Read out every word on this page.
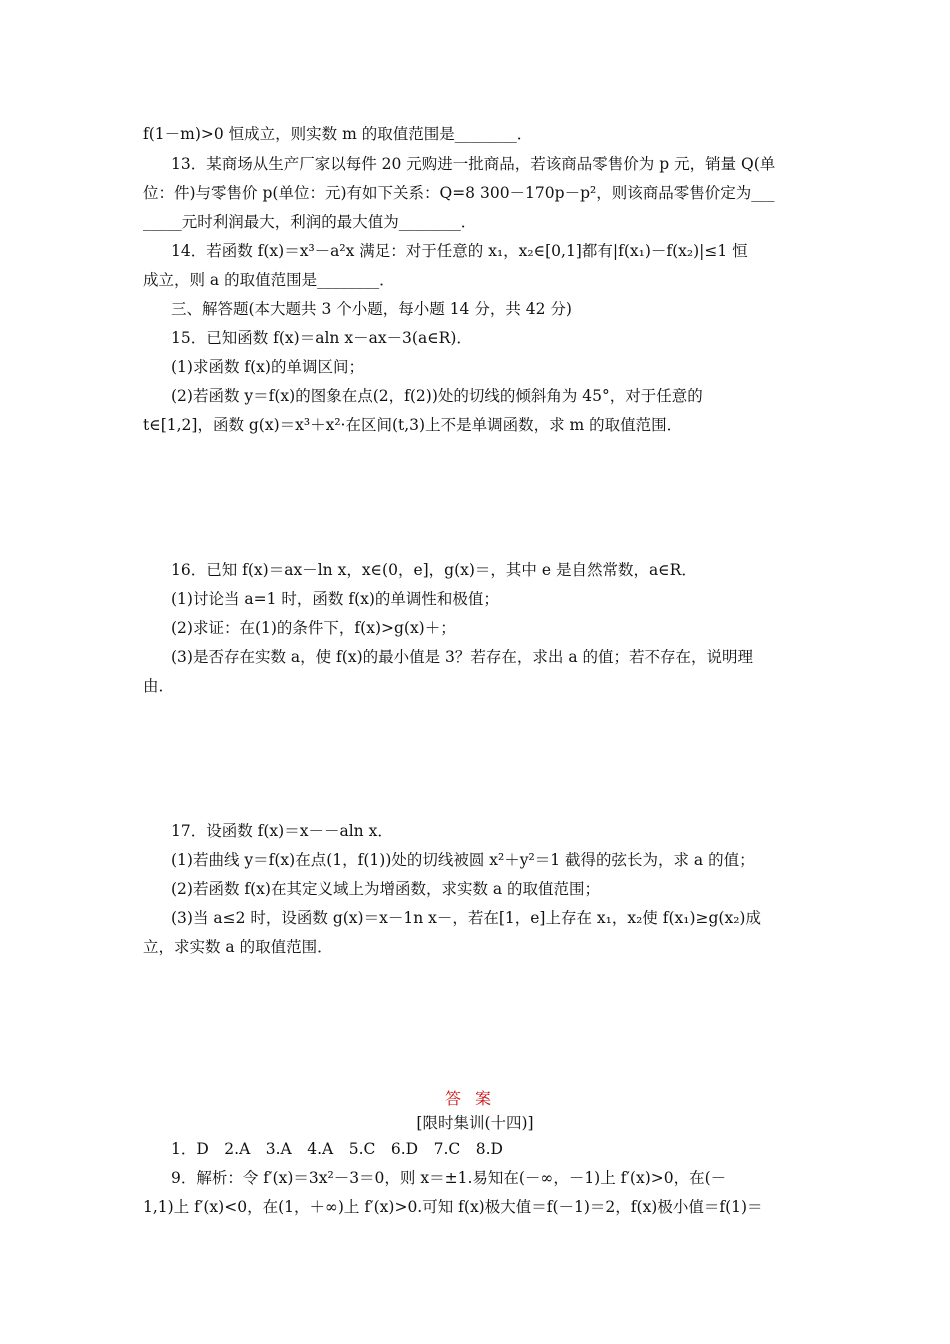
f(1－m)>0 恒成立，则实数 m 的取值范围是________．
13．某商场从生产厂家以每件 20 元购进一批商品，若该商品零售价为 p 元，销量 Q(单
位：件)与零售价 p(单位：元)有如下关系：Q=8 300－170p－p²，则该商品零售价定为___
_____元时利润最大，利润的最大值为________．
14．若函数 f(x)＝x³－a²x 满足：对于任意的 x₁，x₂∈[0,1]都有|f(x₁)－f(x₂)|≤1 恒
成立，则 a 的取值范围是________．
三、解答题(本大题共 3 个小题，每小题 14 分，共 42 分)
15．已知函数 f(x)＝aln x－ax－3(a∈R)．
(1)求函数 f(x)的单调区间；
(2)若函数 y＝f(x)的图象在点(2，f(2))处的切线的倾斜角为 45°，对于任意的
t∈[1,2]，函数 g(x)＝x³＋x²·在区间(t,3)上不是单调函数，求 m 的取值范围．
16．已知 f(x)＝ax－ln x，x∈(0，e]，g(x)＝，其中 e 是自然常数，a∈R．
(1)讨论当 a=1 时，函数 f(x)的单调性和极值；
(2)求证：在(1)的条件下，f(x)>g(x)＋；
(3)是否存在实数 a，使 f(x)的最小值是 3？若存在，求出 a 的值；若不存在，说明理
由．
17．设函数 f(x)＝x－－aln x．
(1)若曲线 y＝f(x)在点(1，f(1))处的切线被圆 x²＋y²＝1 截得的弦长为，求 a 的值；
(2)若函数 f(x)在其定义域上为增函数，求实数 a 的取值范围；
(3)当 a≤2 时，设函数 g(x)＝x－1n x－，若在[1，e]上存在 x₁，x₂使 f(x₁)≥g(x₂)成
立，求实数 a 的取值范围．
答案
[限时集训(十四)]
1．D　2.A　3.A　4.A　5.C　6.D　7.C　8.D
9．解析：令 f′(x)＝3x²－3＝0，则 x＝±1.易知在(－∞，－1)上 f′(x)>0，在(－
1,1)上 f′(x)<0，在(1，＋∞)上 f′(x)>0.可知 f(x)极大值＝f(－1)＝2，f(x)极小值＝f(1)＝
